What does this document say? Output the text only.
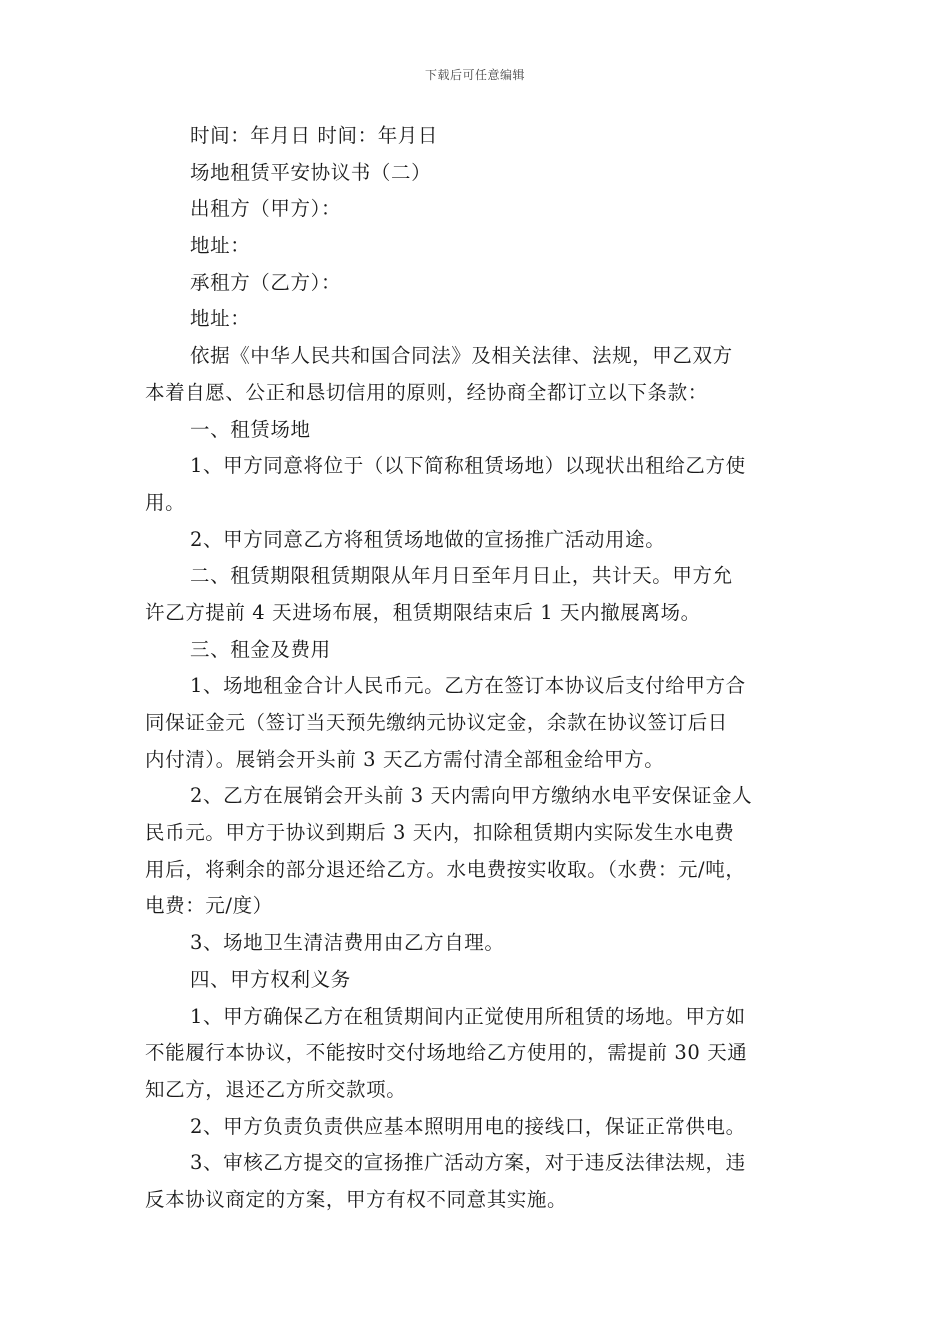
下载后可任意编辑
时间：年月日 时间：年月日
场地租赁平安协议书（二）
出租方（甲方）：
地址：
承租方（乙方）：
地址：
依据《中华人民共和国合同法》及相关法律、法规，甲乙双方
本着自愿、公正和恳切信用的原则，经协商全都订立以下条款：
一、租赁场地
1、甲方同意将位于（以下简称租赁场地）以现状出租给乙方使
用。
2、甲方同意乙方将租赁场地做的宣扬推广活动用途。
二、租赁期限租赁期限从年月日至年月日止，共计天。甲方允
许乙方提前 4 天进场布展，租赁期限结束后 1 天内撤展离场。
三、租金及费用
1、场地租金合计人民币元。乙方在签订本协议后支付给甲方合
同保证金元（签订当天预先缴纳元协议定金，余款在协议签订后日
内付清）。展销会开头前 3 天乙方需付清全部租金给甲方。
2、乙方在展销会开头前 3 天内需向甲方缴纳水电平安保证金人
民币元。甲方于协议到期后 3 天内，扣除租赁期内实际发生水电费
用后，将剩余的部分退还给乙方。水电费按实收取。（水费：元/吨，
电费：元/度）
3、场地卫生清洁费用由乙方自理。
四、甲方权利义务
1、甲方确保乙方在租赁期间内正觉使用所租赁的场地。甲方如
不能履行本协议，不能按时交付场地给乙方使用的，需提前 30 天通
知乙方，退还乙方所交款项。
2、甲方负责负责供应基本照明用电的接线口，保证正常供电。
3、审核乙方提交的宣扬推广活动方案，对于违反法律法规，违
反本协议商定的方案，甲方有权不同意其实施。
